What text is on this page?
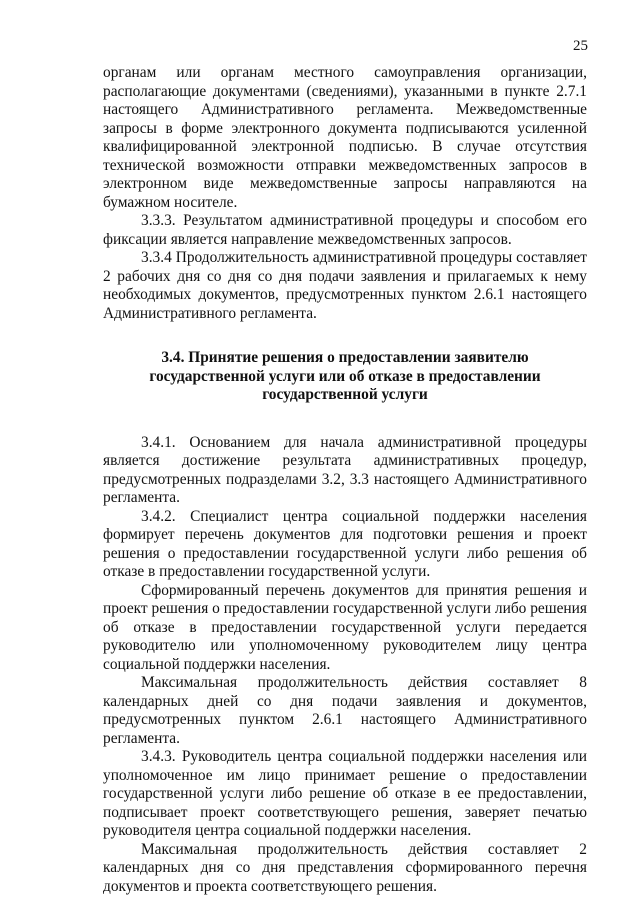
25

органам или органам местного самоуправления организации, располагающие документами (сведениями), указанными в пункте 2.7.1 настоящего Административного регламента. Межведомственные запросы в форме электронного документа подписываются усиленной квалифицированной электронной подписью. В случае отсутствия технической возможности отправки межведомственных запросов в электронном виде межведомственные запросы направляются на бумажном носителе.

3.3.3. Результатом административной процедуры и способом его фиксации является направление межведомственных запросов.

3.3.4 Продолжительность административной процедуры составляет 2 рабочих дня со дня со дня подачи заявления и прилагаемых к нему необходимых документов, предусмотренных пунктом 2.6.1 настоящего Административного регламента.

3.4. Принятие решения о предоставлении заявителю
государственной услуги или об отказе в предоставлении
государственной услуги

3.4.1. Основанием для начала административной процедуры является достижение результата административных процедур, предусмотренных подразделами 3.2, 3.3 настоящего Административного регламента.

3.4.2. Специалист центра социальной поддержки населения формирует перечень документов для подготовки решения и проект решения о предоставлении государственной услуги либо решения об отказе в предоставлении государственной услуги.

Сформированный перечень документов для принятия решения и проект решения о предоставлении государственной услуги либо решения об отказе в предоставлении государственной услуги передается руководителю или уполномоченному руководителем лицу центра социальной поддержки населения.

Максимальная продолжительность действия составляет 8 календарных дней со дня подачи заявления и документов, предусмотренных пунктом 2.6.1 настоящего Административного регламента.

3.4.3. Руководитель центра социальной поддержки населения или уполномоченное им лицо принимает решение о предоставлении государственной услуги либо решение об отказе в ее предоставлении, подписывает проект соответствующего решения, заверяет печатью руководителя центра социальной поддержки населения.

Максимальная продолжительность действия составляет 2 календарных дня со дня представления сформированного перечня документов и проекта соответствующего решения.
